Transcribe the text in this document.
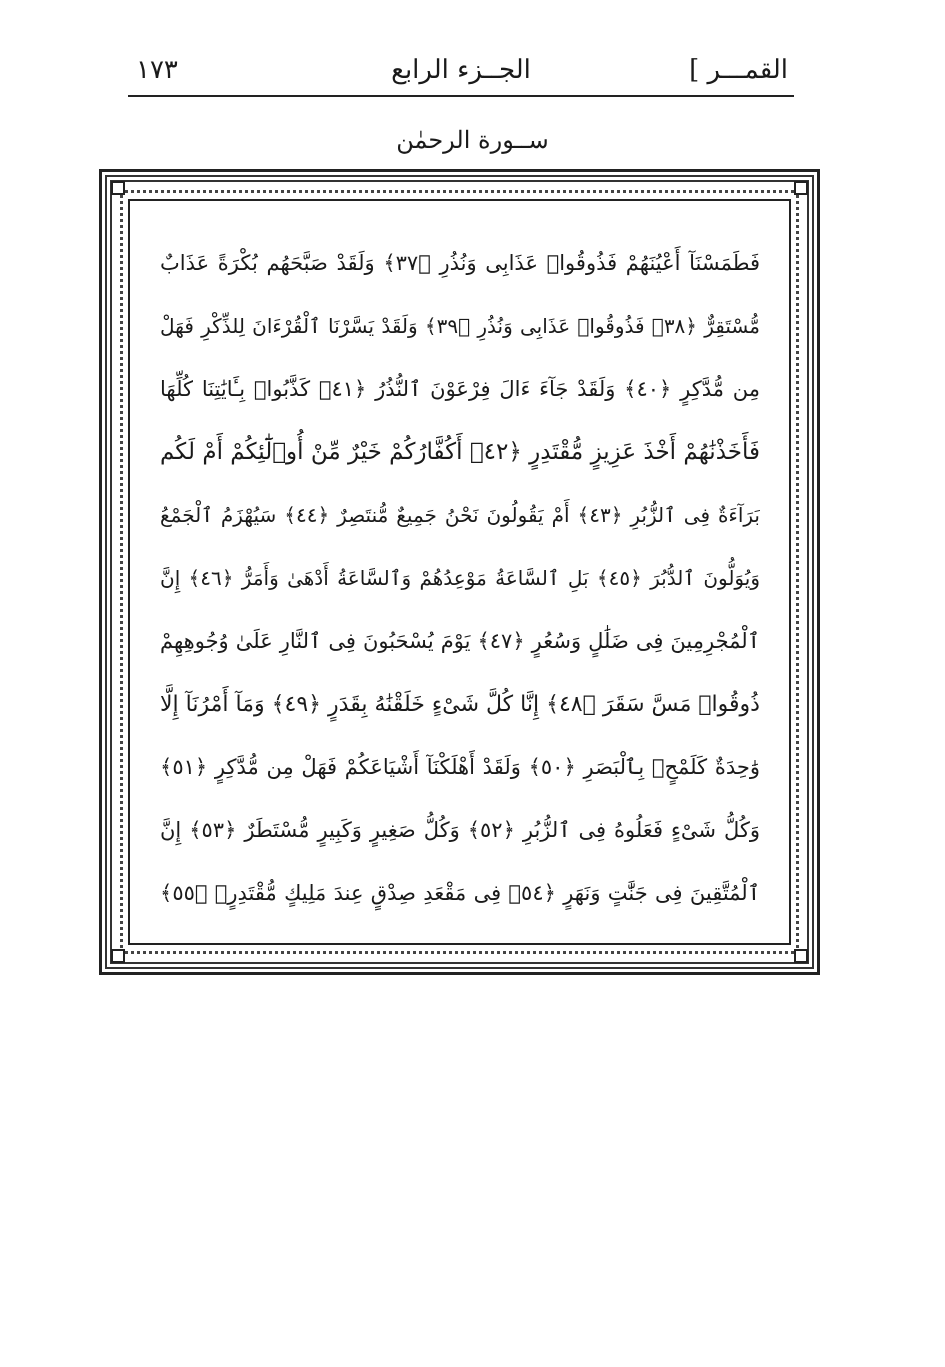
القمـــر ]
الجــزء الرابع
١٧٣
ســورة الرحمٰن
فَطَمَسْنَآ أَعْيُنَهُمْ فَذُوقُوا۟ عَذَابِى وَنُذُرِ ﴿٣٧﴾ وَلَقَدْ صَبَّحَهُم بُكْرَةً عَذَابٌ
مُّسْتَقِرٌّ ﴿٣٨﴾ فَذُوقُوا۟ عَذَابِى وَنُذُرِ ﴿٣٩﴾ وَلَقَدْ يَسَّرْنَا ٱلْقُرْءَانَ لِلذِّكْرِ فَهَلْ
مِن مُّدَّكِرٍ ﴿٤٠﴾ وَلَقَدْ جَآءَ ءَالَ فِرْعَوْنَ ٱلنُّذُرُ ﴿٤١﴾ كَذَّبُوا۟ بِـَٔايَٰتِنَا كُلِّهَا
فَأَخَذْنَٰهُمْ أَخْذَ عَزِيزٍ مُّقْتَدِرٍ ﴿٤٢﴾ أَكُفَّارُكُمْ خَيْرٌ مِّنْ أُو۟لَٰٓئِكُمْ أَمْ لَكُم
بَرَآءَةٌ فِى ٱلزُّبُرِ ﴿٤٣﴾ أَمْ يَقُولُونَ نَحْنُ جَمِيعٌ مُّنتَصِرٌ ﴿٤٤﴾ سَيُهْزَمُ ٱلْجَمْعُ
وَيُوَلُّونَ ٱلدُّبُرَ ﴿٤٥﴾ بَلِ ٱلسَّاعَةُ مَوْعِدُهُمْ وَٱلسَّاعَةُ أَدْهَىٰ وَأَمَرُّ ﴿٤٦﴾ إِنَّ
ٱلْمُجْرِمِينَ فِى ضَلَٰلٍ وَسُعُرٍ ﴿٤٧﴾ يَوْمَ يُسْحَبُونَ فِى ٱلنَّارِ عَلَىٰ وُجُوهِهِمْ
ذُوقُوا۟ مَسَّ سَقَرَ ﴿٤٨﴾ إِنَّا كُلَّ شَىْءٍ خَلَقْنَٰهُ بِقَدَرٍ ﴿٤٩﴾ وَمَآ أَمْرُنَآ إِلَّا
وَٰحِدَةٌ كَلَمْحٍۭ بِٱلْبَصَرِ ﴿٥٠﴾ وَلَقَدْ أَهْلَكْنَآ أَشْيَاعَكُمْ فَهَلْ مِن مُّدَّكِرٍ ﴿٥١﴾
وَكُلُّ شَىْءٍ فَعَلُوهُ فِى ٱلزُّبُرِ ﴿٥٢﴾ وَكُلُّ صَغِيرٍ وَكَبِيرٍ مُّسْتَطَرٌ ﴿٥٣﴾ إِنَّ
ٱلْمُتَّقِينَ فِى جَنَّٰتٍ وَنَهَرٍ ﴿٥٤﴾ فِى مَقْعَدِ صِدْقٍ عِندَ مَلِيكٍ مُّقْتَدِرٍۭ ﴿٥٥﴾
